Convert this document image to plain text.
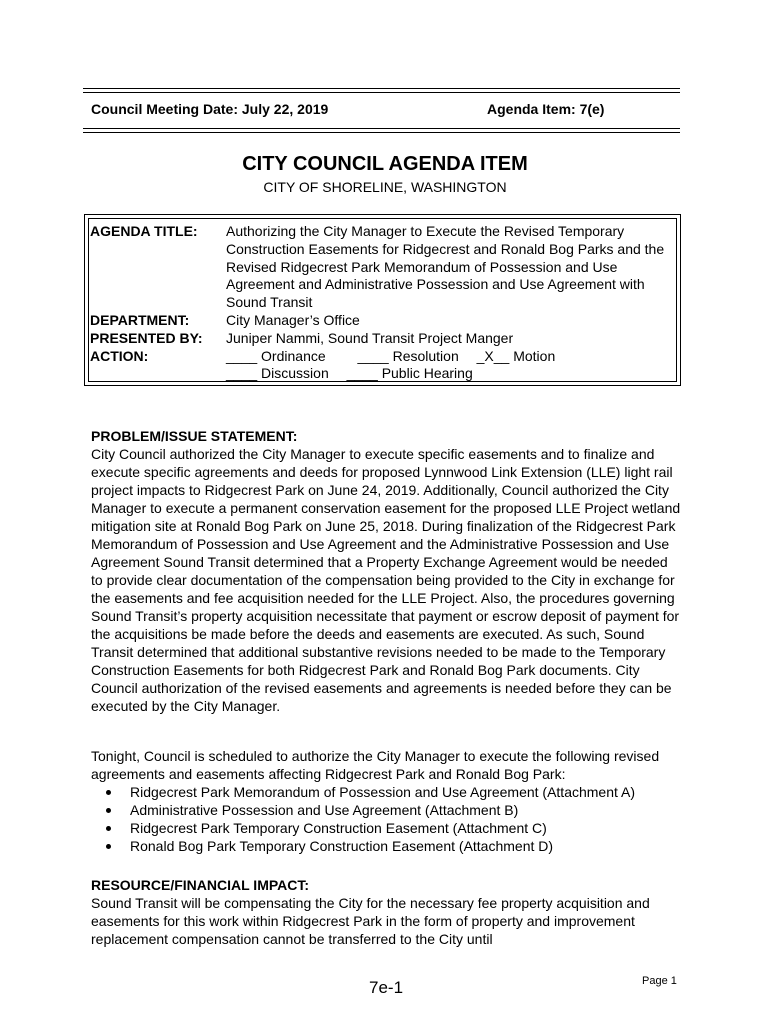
Council Meeting Date: July 22, 2019	Agenda Item: 7(e)
CITY COUNCIL AGENDA ITEM
CITY OF SHORELINE, WASHINGTON
AGENDA TITLE:	Authorizing the City Manager to Execute the Revised Temporary Construction Easements for Ridgecrest and Ronald Bog Parks and the Revised Ridgecrest Park Memorandum of Possession and Use Agreement and Administrative Possession and Use Agreement with Sound Transit
DEPARTMENT:	City Manager’s Office
PRESENTED BY:	Juniper Nammi, Sound Transit Project Manger
ACTION:	____ Ordinance ____ Resolution _X__ Motion
____ Discussion ____ Public Hearing
PROBLEM/ISSUE STATEMENT:
City Council authorized the City Manager to execute specific easements and to finalize and execute specific agreements and deeds for proposed Lynnwood Link Extension (LLE) light rail project impacts to Ridgecrest Park on June 24, 2019. Additionally, Council authorized the City Manager to execute a permanent conservation easement for the proposed LLE Project wetland mitigation site at Ronald Bog Park on June 25, 2018. During finalization of the Ridgecrest Park Memorandum of Possession and Use Agreement and the Administrative Possession and Use Agreement Sound Transit determined that a Property Exchange Agreement would be needed to provide clear documentation of the compensation being provided to the City in exchange for the easements and fee acquisition needed for the LLE Project. Also, the procedures governing Sound Transit’s property acquisition necessitate that payment or escrow deposit of payment for the acquisitions be made before the deeds and easements are executed. As such, Sound Transit determined that additional substantive revisions needed to be made to the Temporary Construction Easements for both Ridgecrest Park and Ronald Bog Park documents. City Council authorization of the revised easements and agreements is needed before they can be executed by the City Manager.
Tonight, Council is scheduled to authorize the City Manager to execute the following revised agreements and easements affecting Ridgecrest Park and Ronald Bog Park:
Ridgecrest Park Memorandum of Possession and Use Agreement (Attachment A)
Administrative Possession and Use Agreement (Attachment B)
Ridgecrest Park Temporary Construction Easement (Attachment C)
Ronald Bog Park Temporary Construction Easement (Attachment D)
RESOURCE/FINANCIAL IMPACT:
Sound Transit will be compensating the City for the necessary fee property acquisition and easements for this work within Ridgecrest Park in the form of property and improvement replacement compensation cannot be transferred to the City until
7e-1	Page 1
